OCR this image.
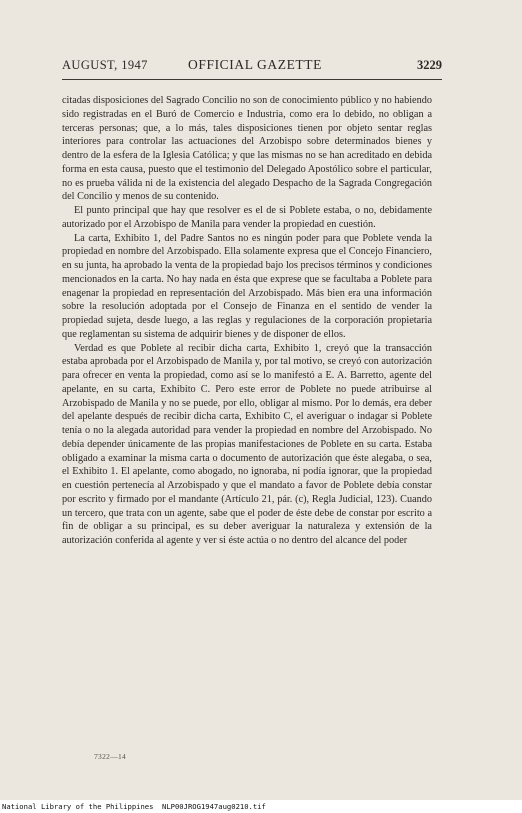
AUGUST, 1947	OFFICIAL GAZETTE	3229

citadas disposiciones del Sagrado Concilio no son de conocimiento público y no habiendo sido registradas en el Buró de Comercio e Industria, como era lo debido, no obligan a terceras personas; que, a lo más, tales disposiciones tienen por objeto sentar reglas interiores para controlar las actuaciones del Arzobispo sobre determinados bienes y dentro de la esfera de la Iglesia Católica; y que las mismas no se han acreditado en debida forma en esta causa, puesto que el testimonio del Delegado Apostólico sobre el particular, no es prueba válida ni de la existencia del alegado Despacho de la Sagrada Congregación del Concilio y menos de su contenido.

El punto principal que hay que resolver es el de si Poblete estaba, o no, debidamente autorizado por el Arzobispo de Manila para vender la propiedad en cuestión.

La carta, Exhibito 1, del Padre Santos no es ningún poder para que Poblete venda la propiedad en nombre del Arzobispado. Ella solamente expresa que el Concejo Financiero, en su junta, ha aprobado la venta de la propiedad bajo los precisos términos y condiciones mencionados en la carta. No hay nada en ésta que exprese que se facultaba a Poblete para enagenar la propiedad en representación del Arzobispado. Más bien era una información sobre la resolución adoptada por el Consejo de Finanza en el sentido de vender la propiedad sujeta, desde luego, a las reglas y regulaciones de la corporación propietaria que reglamentan su sistema de adquirir bienes y de disponer de ellos.

Verdad es que Poblete al recibir dicha carta, Exhibito 1, creyó que la transacción estaba aprobada por el Arzobispado de Manila y, por tal motivo, se creyó con autorización para ofrecer en venta la propiedad, como así se lo manifestó a E. A. Barretto, agente del apelante, en su carta, Exhibito C. Pero este error de Poblete no puede atribuirse al Arzobispado de Manila y no se puede, por ello, obligar al mismo. Por lo demás, era deber del apelante después de recibir dicha carta, Exhibito C, el averiguar o indagar si Poblete tenía o no la alegada autoridad para vender la propiedad en nombre del Arzobispado. No debía depender únicamente de las propias manifestaciones de Poblete en su carta. Estaba obligado a examinar la misma carta o documento de autorización que éste alegaba, o sea, el Exhibito 1. El apelante, como abogado, no ignoraba, ni podía ignorar, que la propiedad en cuestión pertenecía al Arzobispado y que el mandato a favor de Poblete debía constar por escrito y firmado por el mandante (Artículo 21, pár. (c), Regla Judicial, 123). Cuando un tercero, que trata con un agente, sabe que el poder de éste debe de constar por escrito a fin de obligar a su principal, es su deber averiguar la naturaleza y extensión de la autorización conferida al agente y ver si éste actúa o no dentro del alcance del poder

7322—14
National Library of the Philippines NLP00JROG1947aug0210.tif
